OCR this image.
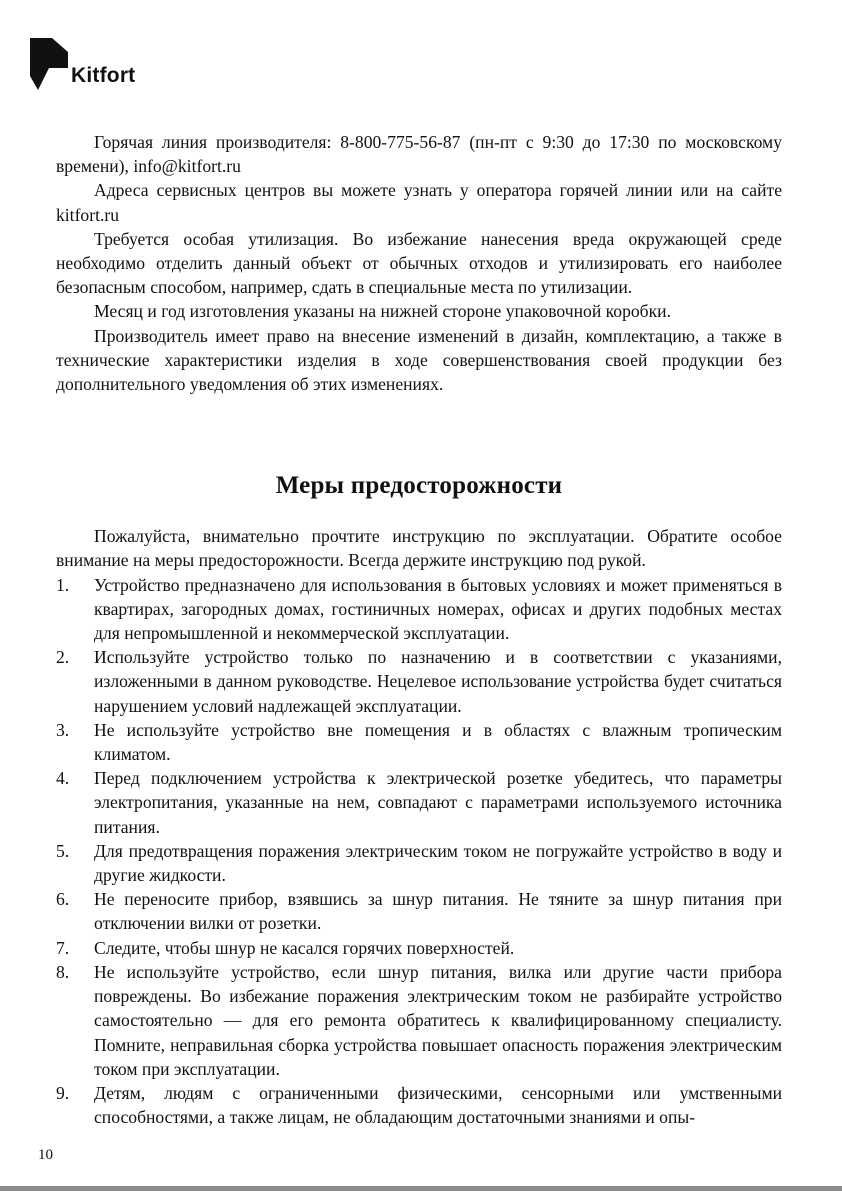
Kitfort

Горячая линия производителя: 8-800-775-56-87 (пн-пт с 9:30 до 17:30 по московскому времени), info@kitfort.ru

Адреса сервисных центров вы можете узнать у оператора горячей линии или на сайте kitfort.ru

Требуется особая утилизация. Во избежание нанесения вреда окружающей среде необходимо отделить данный объект от обычных отходов и утилизировать его наиболее безопасным способом, например, сдать в специальные места по утилизации.

Месяц и год изготовления указаны на нижней стороне упаковочной коробки.

Производитель имеет право на внесение изменений в дизайн, комплектацию, а также в технические характеристики изделия в ходе совершенствования своей продукции без дополнительного уведомления об этих изменениях.

Меры предосторожности

Пожалуйста, внимательно прочтите инструкцию по эксплуатации. Обратите особое внимание на меры предосторожности. Всегда держите инструкцию под рукой.

1.	Устройство предназначено для использования в бытовых условиях и может применяться в квартирах, загородных домах, гостиничных номерах, офисах и других подобных местах для непромышленной и некоммерческой эксплуатации.
2.	Используйте устройство только по назначению и в соответствии с указаниями, изложенными в данном руководстве. Нецелевое использование устройства будет считаться нарушением условий надлежащей эксплуатации.
3.	Не используйте устройство вне помещения и в областях с влажным тропическим климатом.
4.	Перед подключением устройства к электрической розетке убедитесь, что параметры электропитания, указанные на нем, совпадают с параметрами используемого источника питания.
5.	Для предотвращения поражения электрическим током не погружайте устройство в воду и другие жидкости.
6.	Не переносите прибор, взявшись за шнур питания. Не тяните за шнур питания при отключении вилки от розетки.
7.	Следите, чтобы шнур не касался горячих поверхностей.
8.	Не используйте устройство, если шнур питания, вилка или другие части прибора повреждены. Во избежание поражения электрическим током не разбирайте устройство самостоятельно — для его ремонта обратитесь к квалифицированному специалисту. Помните, неправильная сборка устройства повышает опасность поражения электрическим током при эксплуатации.
9.	Детям, людям с ограниченными физическими, сенсорными или умственными способностями, а также лицам, не обладающим достаточными знаниями и опы-
10
